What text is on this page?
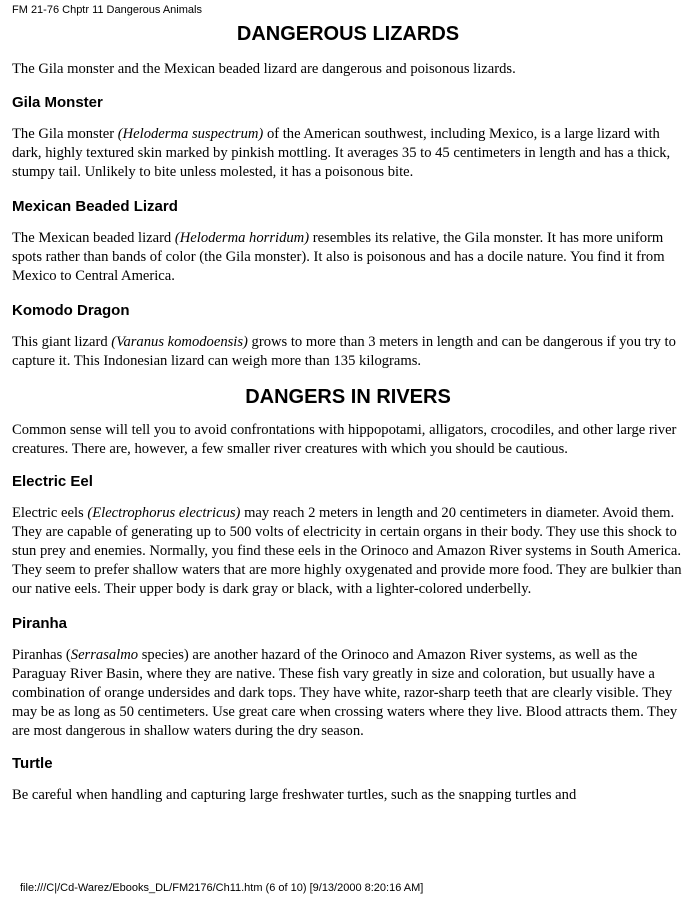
FM 21-76 Chptr 11 Dangerous Animals
DANGEROUS LIZARDS

The Gila monster and the Mexican beaded lizard are dangerous and poisonous lizards.

Gila Monster

The Gila monster (Heloderma suspectrum) of the American southwest, including Mexico, is a large lizard with dark, highly textured skin marked by pinkish mottling. It averages 35 to 45 centimeters in length and has a thick, stumpy tail. Unlikely to bite unless molested, it has a poisonous bite.

Mexican Beaded Lizard

The Mexican beaded lizard (Heloderma horridum) resembles its relative, the Gila monster. It has more uniform spots rather than bands of color (the Gila monster). It also is poisonous and has a docile nature. You find it from Mexico to Central America.

Komodo Dragon

This giant lizard (Varanus komodoensis) grows to more than 3 meters in length and can be dangerous if you try to capture it. This Indonesian lizard can weigh more than 135 kilograms.

DANGERS IN RIVERS

Common sense will tell you to avoid confrontations with hippopotami, alligators, crocodiles, and other large river creatures. There are, however, a few smaller river creatures with which you should be cautious.

Electric Eel

Electric eels (Electrophorus electricus) may reach 2 meters in length and 20 centimeters in diameter. Avoid them. They are capable of generating up to 500 volts of electricity in certain organs in their body. They use this shock to stun prey and enemies. Normally, you find these eels in the Orinoco and Amazon River systems in South America. They seem to prefer shallow waters that are more highly oxygenated and provide more food. They are bulkier than our native eels. Their upper body is dark gray or black, with a lighter-colored underbelly.

Piranha

Piranhas (Serrasalmo species) are another hazard of the Orinoco and Amazon River systems, as well as the Paraguay River Basin, where they are native. These fish vary greatly in size and coloration, but usually have a combination of orange undersides and dark tops. They have white, razor-sharp teeth that are clearly visible. They may be as long as 50 centimeters. Use great care when crossing waters where they live. Blood attracts them. They are most dangerous in shallow waters during the dry season.

Turtle

Be careful when handling and capturing large freshwater turtles, such as the snapping turtles and

file:///C|/Cd-Warez/Ebooks_DL/FM2176/Ch11.htm (6 of 10) [9/13/2000 8:20:16 AM]
